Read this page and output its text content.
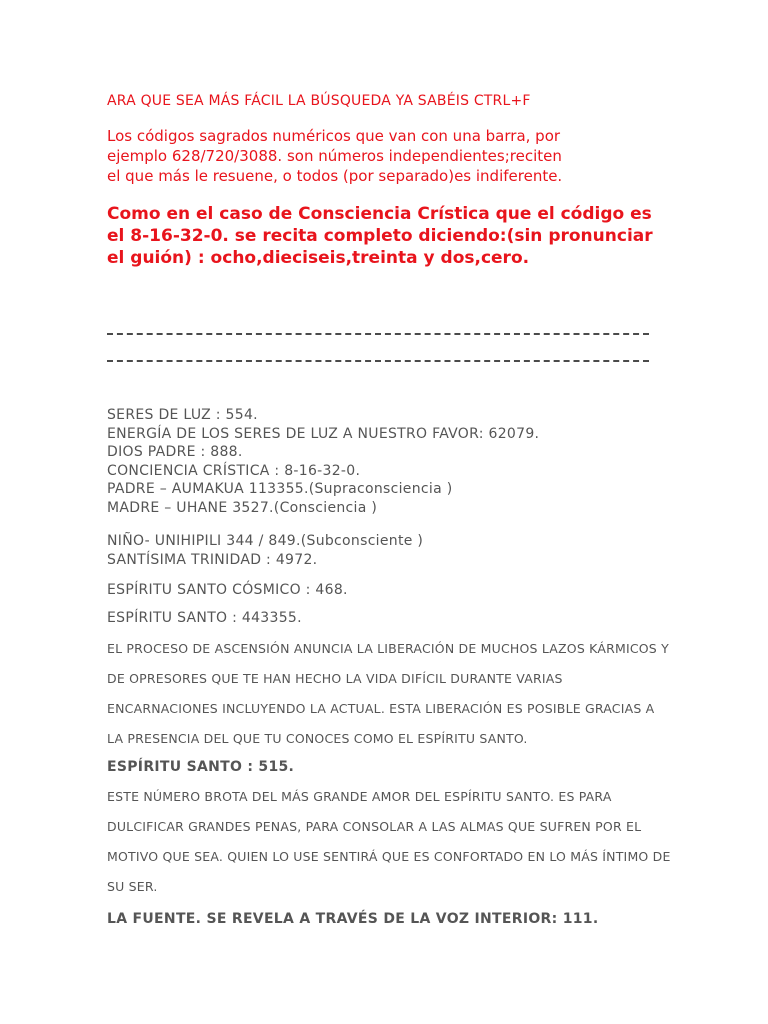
ARA QUE SEA MÁS FÁCIL LA BÚSQUEDA YA SABÉIS CTRL+F

Los códigos sagrados numéricos que van con una barra, por
ejemplo 628/720/3088. son números independientes;reciten
el que más le resuene, o todos (por separado)es indiferente.
Como en el caso de Consciencia Crística que el código es
el 8-16-32-0. se recita completo diciendo:(sin pronunciar
el guión) : ocho,dieciseis,treinta y dos,cero.
SERES DE LUZ : 554.
ENERGÍA DE LOS SERES DE LUZ A NUESTRO FAVOR: 62079.
DIOS PADRE : 888.
CONCIENCIA CRÍSTICA : 8-16-32-0.
PADRE – AUMAKUA 113355.(Supraconsciencia )
MADRE – UHANE 3527.(Consciencia )
NIÑO- UNIHIPILI 344 / 849.(Subconsciente )
SANTÍSIMA TRINIDAD : 4972.

ESPÍRITU SANTO CÓSMICO : 468.

ESPÍRITU SANTO : 443355.

EL PROCESO DE ASCENSIÓN ANUNCIA LA LIBERACIÓN DE MUCHOS LAZOS KÁRMICOS Y
DE OPRESORES QUE TE HAN HECHO LA VIDA DIFÍCIL DURANTE VARIAS
ENCARNACIONES INCLUYENDO LA ACTUAL. ESTA LIBERACIÓN ES POSIBLE GRACIAS A
LA PRESENCIA DEL QUE TU CONOCES COMO EL ESPÍRITU SANTO.

ESPÍRITU SANTO : 515.

ESTE NÚMERO BROTA DEL MÁS GRANDE AMOR DEL ESPÍRITU SANTO. ES PARA
DULCIFICAR GRANDES PENAS, PARA CONSOLAR A LAS ALMAS QUE SUFREN POR EL
MOTIVO QUE SEA. QUIEN LO USE SENTIRÁ QUE ES CONFORTADO EN LO MÁS ÍNTIMO DE
SU SER.

LA FUENTE. SE REVELA A TRAVÉS DE LA VOZ INTERIOR: 111.
